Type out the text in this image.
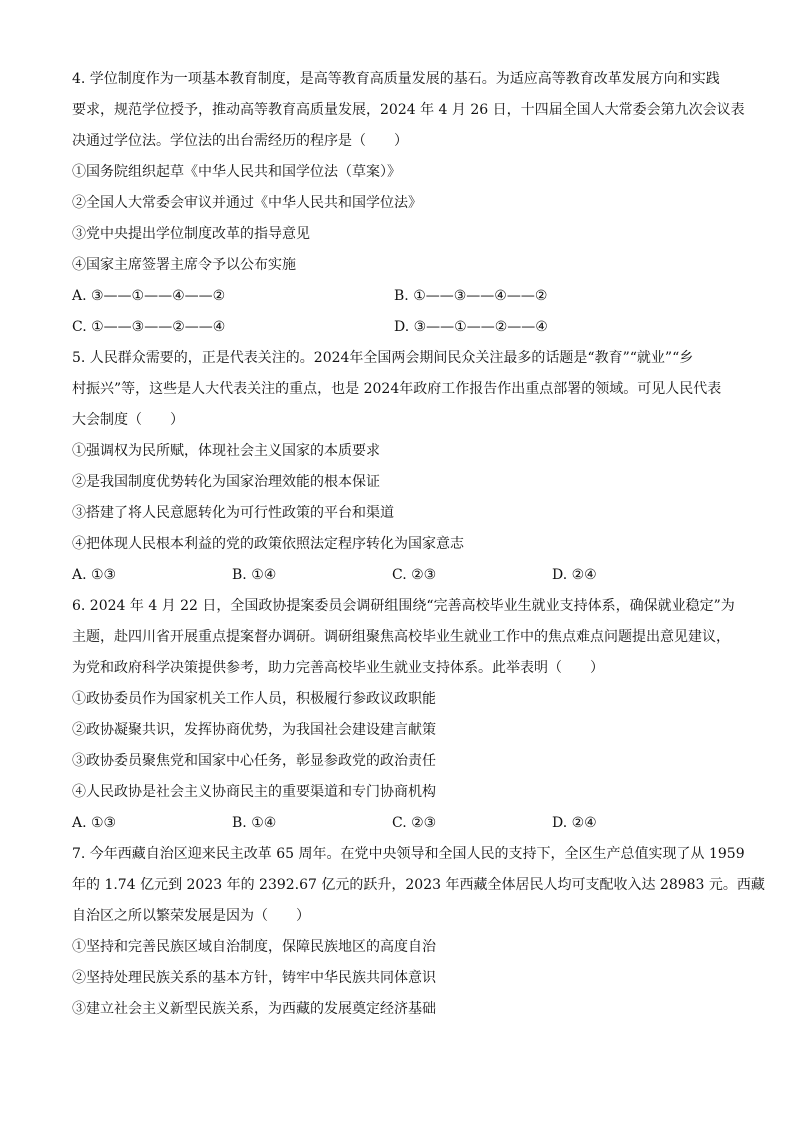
4. 学位制度作为一项基本教育制度，是高等教育高质量发展的基石。为适应高等教育改革发展方向和实践
要求，规范学位授予，推动高等教育高质量发展，2024 年 4 月 26 日，十四届全国人大常委会第九次会议表
决通过学位法。学位法的出台需经历的程序是（　　）
①国务院组织起草《中华人民共和国学位法（草案）》
②全国人大常委会审议并通过《中华人民共和国学位法》
③党中央提出学位制度改革的指导意见
④国家主席签署主席令予以公布实施
A. ③——①——④——②	B. ①——③——④——②
C. ①——③——②——④	D. ③——①——②——④
5. 人民群众需要的，正是代表关注的。2024年全国两会期间民众关注最多的话题是“教育”“就业”“乡
村振兴”等，这些是人大代表关注的重点，也是 2024年政府工作报告作出重点部署的领域。可见人民代表
大会制度（　　）
①强调权为民所赋，体现社会主义国家的本质要求
②是我国制度优势转化为国家治理效能的根本保证
③搭建了将人民意愿转化为可行性政策的平台和渠道
④把体现人民根本利益的党的政策依照法定程序转化为国家意志
A. ①③	B. ①④	C. ②③	D. ②④
6. 2024 年 4 月 22 日，全国政协提案委员会调研组围绕“完善高校毕业生就业支持体系，确保就业稳定”为
主题，赴四川省开展重点提案督办调研。调研组聚焦高校毕业生就业工作中的焦点难点问题提出意见建议，
为党和政府科学决策提供参考，助力完善高校毕业生就业支持体系。此举表明（　　）
①政协委员作为国家机关工作人员，积极履行参政议政职能
②政协凝聚共识，发挥协商优势，为我国社会建设建言献策
③政协委员聚焦党和国家中心任务，彰显参政党的政治责任
④人民政协是社会主义协商民主的重要渠道和专门协商机构
A. ①③	B. ①④	C. ②③	D. ②④
7. 今年西藏自治区迎来民主改革 65 周年。在党中央领导和全国人民的支持下，全区生产总值实现了从 1959
年的 1.74 亿元到 2023 年的 2392.67 亿元的跃升，2023 年西藏全体居民人均可支配收入达 28983 元。西藏
自治区之所以繁荣发展是因为（　　）
①坚持和完善民族区域自治制度，保障民族地区的高度自治
②坚持处理民族关系的基本方针，铸牢中华民族共同体意识
③建立社会主义新型民族关系，为西藏的发展奠定经济基础
